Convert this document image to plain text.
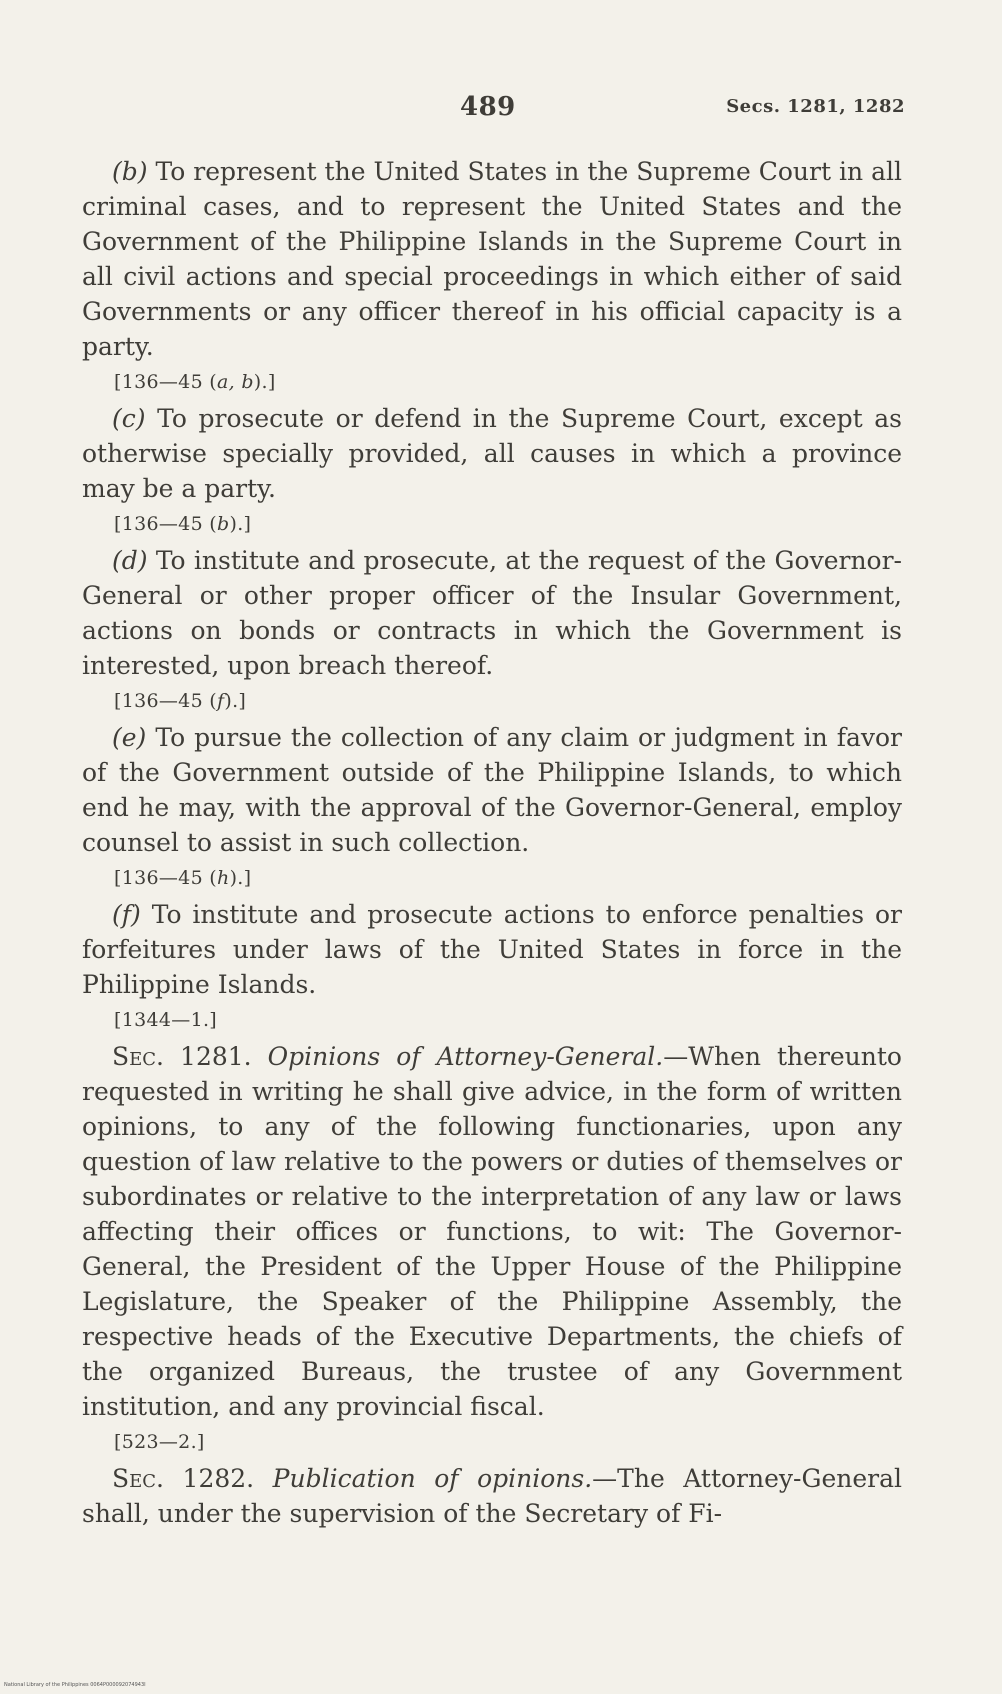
489	Secs. 1281, 1282

(b) To represent the United States in the Supreme Court in all criminal cases, and to represent the United States and the Government of the Philippine Islands in the Supreme Court in all civil actions and special proceedings in which either of said Governments or any officer thereof in his official capacity is a party.

[136—45 (a, b).]

(c) To prosecute or defend in the Supreme Court, except as otherwise specially provided, all causes in which a province may be a party.

[136—45 (b).]

(d) To institute and prosecute, at the request of the Governor-General or other proper officer of the Insular Government, actions on bonds or contracts in which the Government is interested, upon breach thereof.

[136—45 (f).]

(e) To pursue the collection of any claim or judgment in favor of the Government outside of the Philippine Islands, to which end he may, with the approval of the Governor-General, employ counsel to assist in such collection.

[136—45 (h).]

(f) To institute and prosecute actions to enforce penalties or forfeitures under laws of the United States in force in the Philippine Islands.

[1344—1.]

Sec. 1281. Opinions of Attorney-General.—When thereunto requested in writing he shall give advice, in the form of written opinions, to any of the following functionaries, upon any question of law relative to the powers or duties of themselves or subordinates or relative to the interpretation of any law or laws affecting their offices or functions, to wit: The Governor-General, the President of the Upper House of the Philippine Legislature, the Speaker of the Philippine Assembly, the respective heads of the Executive Departments, the chiefs of the organized Bureaus, the trustee of any Government institution, and any provincial fiscal.

[523—2.]

Sec. 1282. Publication of opinions.—The Attorney-General shall, under the supervision of the Secretary of Fi-

National Library of the Philippines 0064P000092074943I
